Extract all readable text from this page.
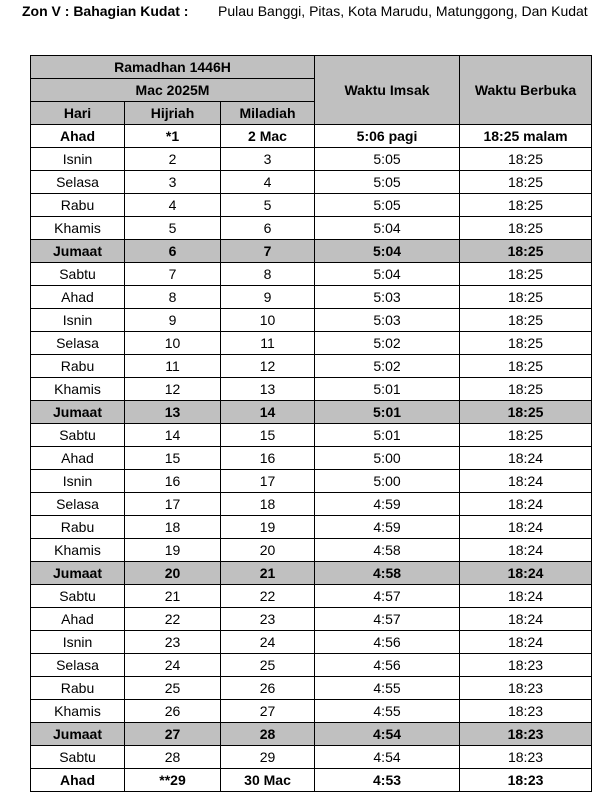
Zon V : Bahagian Kudat : Pulau Banggi, Pitas, Kota Marudu, Matunggong, Dan Kudat
Ramadhan 1446H			Waktu Imsak	Waktu Berbuka
Mac 2025M				
Hari	Hijriah	Miladiah		
Ahad	*1	2 Mac	5:06 pagi	18:25 malam
Isnin	2	3	5:05	18:25
Selasa	3	4	5:05	18:25
Rabu	4	5	5:05	18:25
Khamis	5	6	5:04	18:25
Jumaat	6	7	5:04	18:25
Sabtu	7	8	5:04	18:25
Ahad	8	9	5:03	18:25
Isnin	9	10	5:03	18:25
Selasa	10	11	5:02	18:25
Rabu	11	12	5:02	18:25
Khamis	12	13	5:01	18:25
Jumaat	13	14	5:01	18:25
Sabtu	14	15	5:01	18:25
Ahad	15	16	5:00	18:24
Isnin	16	17	5:00	18:24
Selasa	17	18	4:59	18:24
Rabu	18	19	4:59	18:24
Khamis	19	20	4:58	18:24
Jumaat	20	21	4:58	18:24
Sabtu	21	22	4:57	18:24
Ahad	22	23	4:57	18:24
Isnin	23	24	4:56	18:24
Selasa	24	25	4:56	18:23
Rabu	25	26	4:55	18:23
Khamis	26	27	4:55	18:23
Jumaat	27	28	4:54	18:23
Sabtu	28	29	4:54	18:23
Ahad	**29	30 Mac	4:53	18:23
